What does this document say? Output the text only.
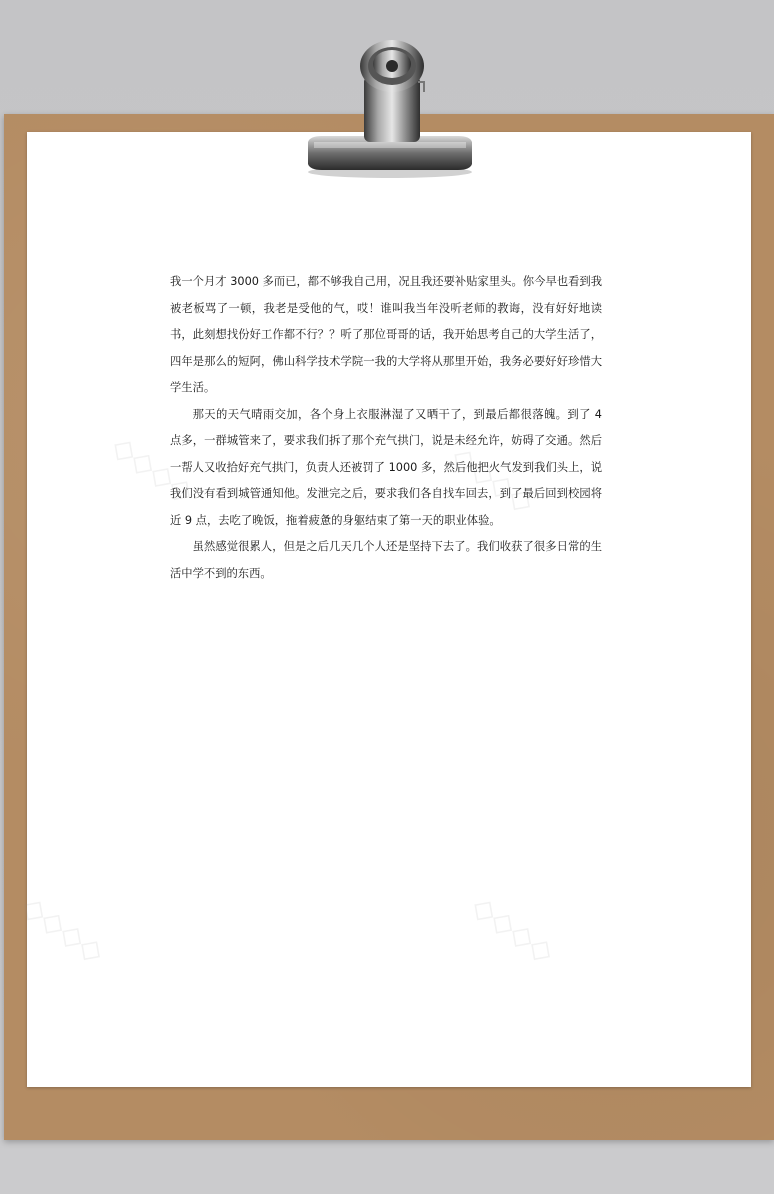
◇◇◇◇	◇◇◇◇
◇◇◇◇	◇◇◇◇

我一个月才 3000 多而已，都不够我自己用，况且我还要补贴家里头。你今早也看到我被老板骂了一顿，我老是受他的气，哎！谁叫我当年没听老师的教诲，没有好好地读书，此刻想找份好工作都不行？？听了那位哥哥的话，我开始思考自己的大学生活了，四年是那么的短阿，佛山科学技术学院一我的大学将从那里开始，我务必要好好珍惜大学生活。

那天的天气晴雨交加，各个身上衣服淋湿了又晒干了，到最后都很落魄。到了 4 点多，一群城管来了，要求我们拆了那个充气拱门，说是未经允许，妨碍了交通。然后一帮人又收拾好充气拱门，负责人还被罚了 1000 多，然后他把火气发到我们头上，说我们没有看到城管通知他。发泄完之后，要求我们各自找车回去，到了最后回到校园将近 9 点，去吃了晚饭，拖着疲惫的身躯结束了第一天的职业体验。

虽然感觉很累人，但是之后几天几个人还是坚持下去了。我们收获了很多日常的生活中学不到的东西。
